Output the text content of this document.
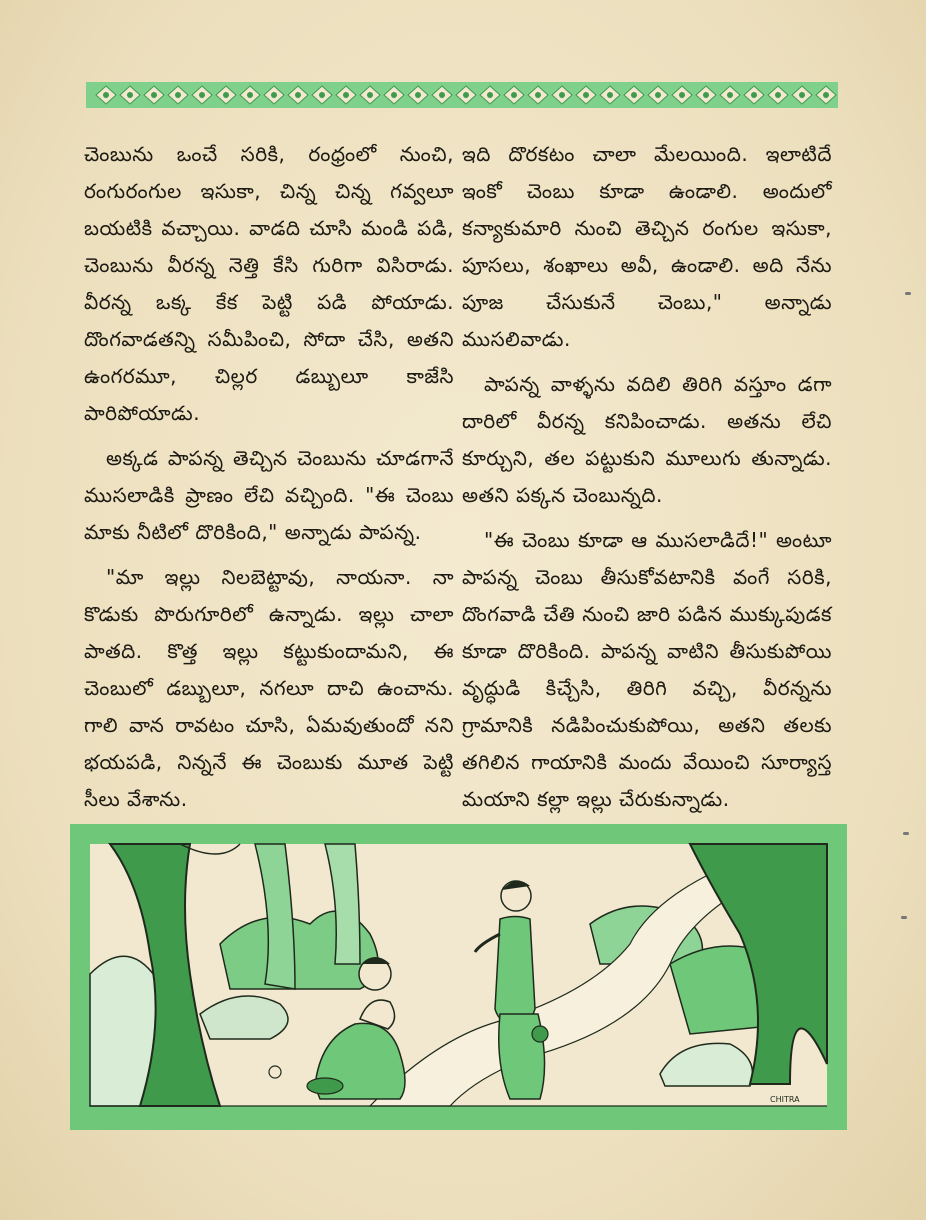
చెంబును ఒంచే సరికి, రంధ్రంలో నుంచి, రంగురంగుల ఇసుకా, చిన్న చిన్న గవ్వలూ బయటికి వచ్చాయి. వాడది చూసి మండి పడి, చెంబును వీరన్న నెత్తి కేసి గురిగా విసిరాడు. వీరన్న ఒక్క కేక పెట్టి పడి పోయాడు. దొంగవాడతన్ని సమీపించి, సోదా చేసి, అతని ఉంగరమూ, చిల్లర డబ్బులూ కాజేసి పారిపోయాడు.

అక్కడ పాపన్న తెచ్చిన చెంబును చూడగానే ముసలాడికి ప్రాణం లేచి వచ్చింది. "ఈ చెంబు మాకు నీటిలో దొరికింది," అన్నాడు పాపన్న.

"మా ఇల్లు నిలబెట్టావు, నాయనా. నా కొడుకు పొరుగూరిలో ఉన్నాడు. ఇల్లు చాలా పాతది. కొత్త ఇల్లు కట్టుకుందామని, ఈ చెంబులో డబ్బులూ, నగలూ దాచి ఉంచాను. గాలి వాన రావటం చూసి, ఏమవుతుందో నని భయపడి, నిన్ననే ఈ చెంబుకు మూత పెట్టి సీలు వేశాను.

ఇది దొరకటం చాలా మేలయింది. ఇలాటిదే ఇంకో చెంబు కూడా ఉండాలి. అందులో కన్యాకుమారి నుంచి తెచ్చిన రంగుల ఇసుకా, పూసలు, శంఖాలు అవీ, ఉండాలి. అది నేను పూజ చేసుకునే చెంబు," అన్నాడు ముసలివాడు.

పాపన్న వాళ్ళను వదిలి తిరిగి వస్తూం డగా దారిలో వీరన్న కనిపించాడు. అతను లేచి కూర్చుని, తల పట్టుకుని మూలుగు తున్నాడు. అతని పక్కన చెంబున్నది.

"ఈ చెంబు కూడా ఆ ముసలాడిదే!" అంటూ పాపన్న చెంబు తీసుకోవటానికి వంగే సరికి, దొంగవాడి చేతి నుంచి జారి పడిన ముక్కుపుడక కూడా దొరికింది. పాపన్న వాటిని తీసుకుపోయి వృద్ధుడి కిచ్చేసి, తిరిగి వచ్చి, వీరన్నను గ్రామానికి నడిపించుకుపోయి, అతని తలకు తగిలిన గాయానికి మందు వేయించి సూర్యాస్త మయాని కల్లా ఇల్లు చేరుకున్నాడు.

CHITRA
